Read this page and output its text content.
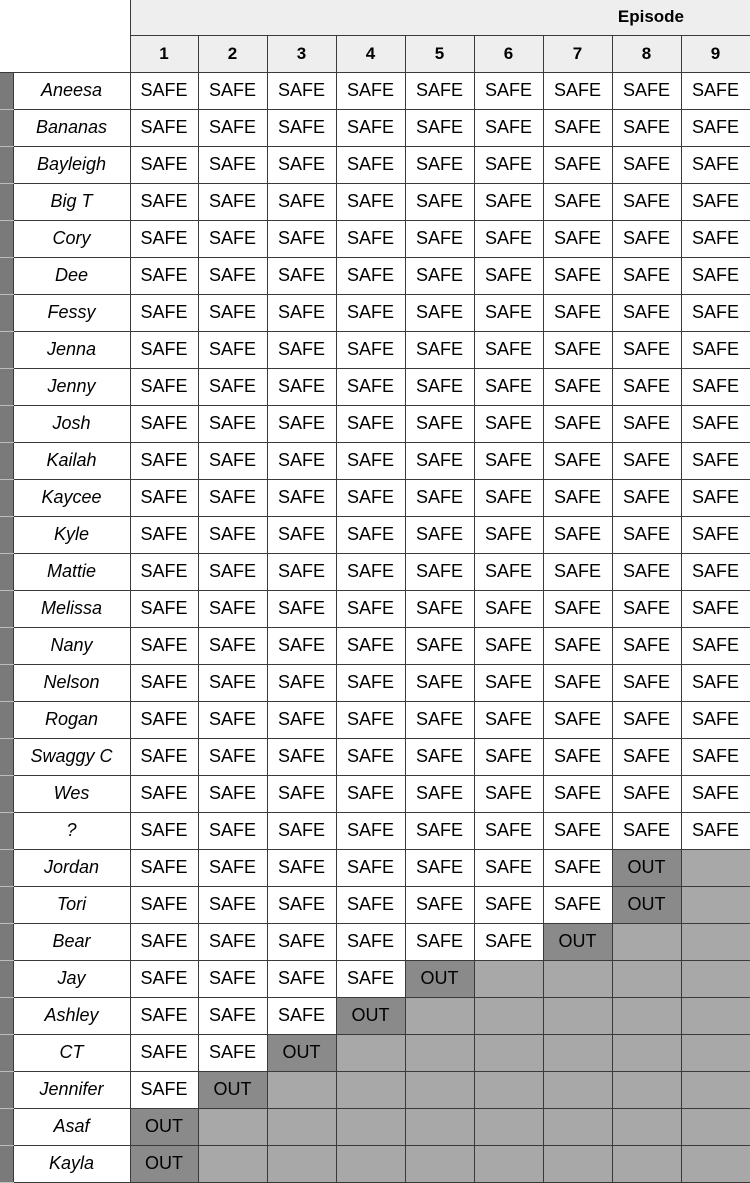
		Episode								
		1	2	3	4	5	6	7	8	9
	Aneesa	SAFE	SAFE	SAFE	SAFE	SAFE	SAFE	SAFE	SAFE	SAFE
	Bananas	SAFE	SAFE	SAFE	SAFE	SAFE	SAFE	SAFE	SAFE	SAFE
	Bayleigh	SAFE	SAFE	SAFE	SAFE	SAFE	SAFE	SAFE	SAFE	SAFE
	Big T	SAFE	SAFE	SAFE	SAFE	SAFE	SAFE	SAFE	SAFE	SAFE
	Cory	SAFE	SAFE	SAFE	SAFE	SAFE	SAFE	SAFE	SAFE	SAFE
	Dee	SAFE	SAFE	SAFE	SAFE	SAFE	SAFE	SAFE	SAFE	SAFE
	Fessy	SAFE	SAFE	SAFE	SAFE	SAFE	SAFE	SAFE	SAFE	SAFE
	Jenna	SAFE	SAFE	SAFE	SAFE	SAFE	SAFE	SAFE	SAFE	SAFE
	Jenny	SAFE	SAFE	SAFE	SAFE	SAFE	SAFE	SAFE	SAFE	SAFE
	Josh	SAFE	SAFE	SAFE	SAFE	SAFE	SAFE	SAFE	SAFE	SAFE
	Kailah	SAFE	SAFE	SAFE	SAFE	SAFE	SAFE	SAFE	SAFE	SAFE
	Kaycee	SAFE	SAFE	SAFE	SAFE	SAFE	SAFE	SAFE	SAFE	SAFE
	Kyle	SAFE	SAFE	SAFE	SAFE	SAFE	SAFE	SAFE	SAFE	SAFE
	Mattie	SAFE	SAFE	SAFE	SAFE	SAFE	SAFE	SAFE	SAFE	SAFE
	Melissa	SAFE	SAFE	SAFE	SAFE	SAFE	SAFE	SAFE	SAFE	SAFE
	Nany	SAFE	SAFE	SAFE	SAFE	SAFE	SAFE	SAFE	SAFE	SAFE
	Nelson	SAFE	SAFE	SAFE	SAFE	SAFE	SAFE	SAFE	SAFE	SAFE
	Rogan	SAFE	SAFE	SAFE	SAFE	SAFE	SAFE	SAFE	SAFE	SAFE
	Swaggy C	SAFE	SAFE	SAFE	SAFE	SAFE	SAFE	SAFE	SAFE	SAFE
	Wes	SAFE	SAFE	SAFE	SAFE	SAFE	SAFE	SAFE	SAFE	SAFE
	?	SAFE	SAFE	SAFE	SAFE	SAFE	SAFE	SAFE	SAFE	SAFE
	Jordan	SAFE	SAFE	SAFE	SAFE	SAFE	SAFE	SAFE	OUT	
	Tori	SAFE	SAFE	SAFE	SAFE	SAFE	SAFE	SAFE	OUT	
	Bear	SAFE	SAFE	SAFE	SAFE	SAFE	SAFE	OUT		
	Jay	SAFE	SAFE	SAFE	SAFE	OUT				
	Ashley	SAFE	SAFE	SAFE	OUT					
	CT	SAFE	SAFE	OUT						
	Jennifer	SAFE	OUT							
	Asaf	OUT								
	Kayla	OUT								
